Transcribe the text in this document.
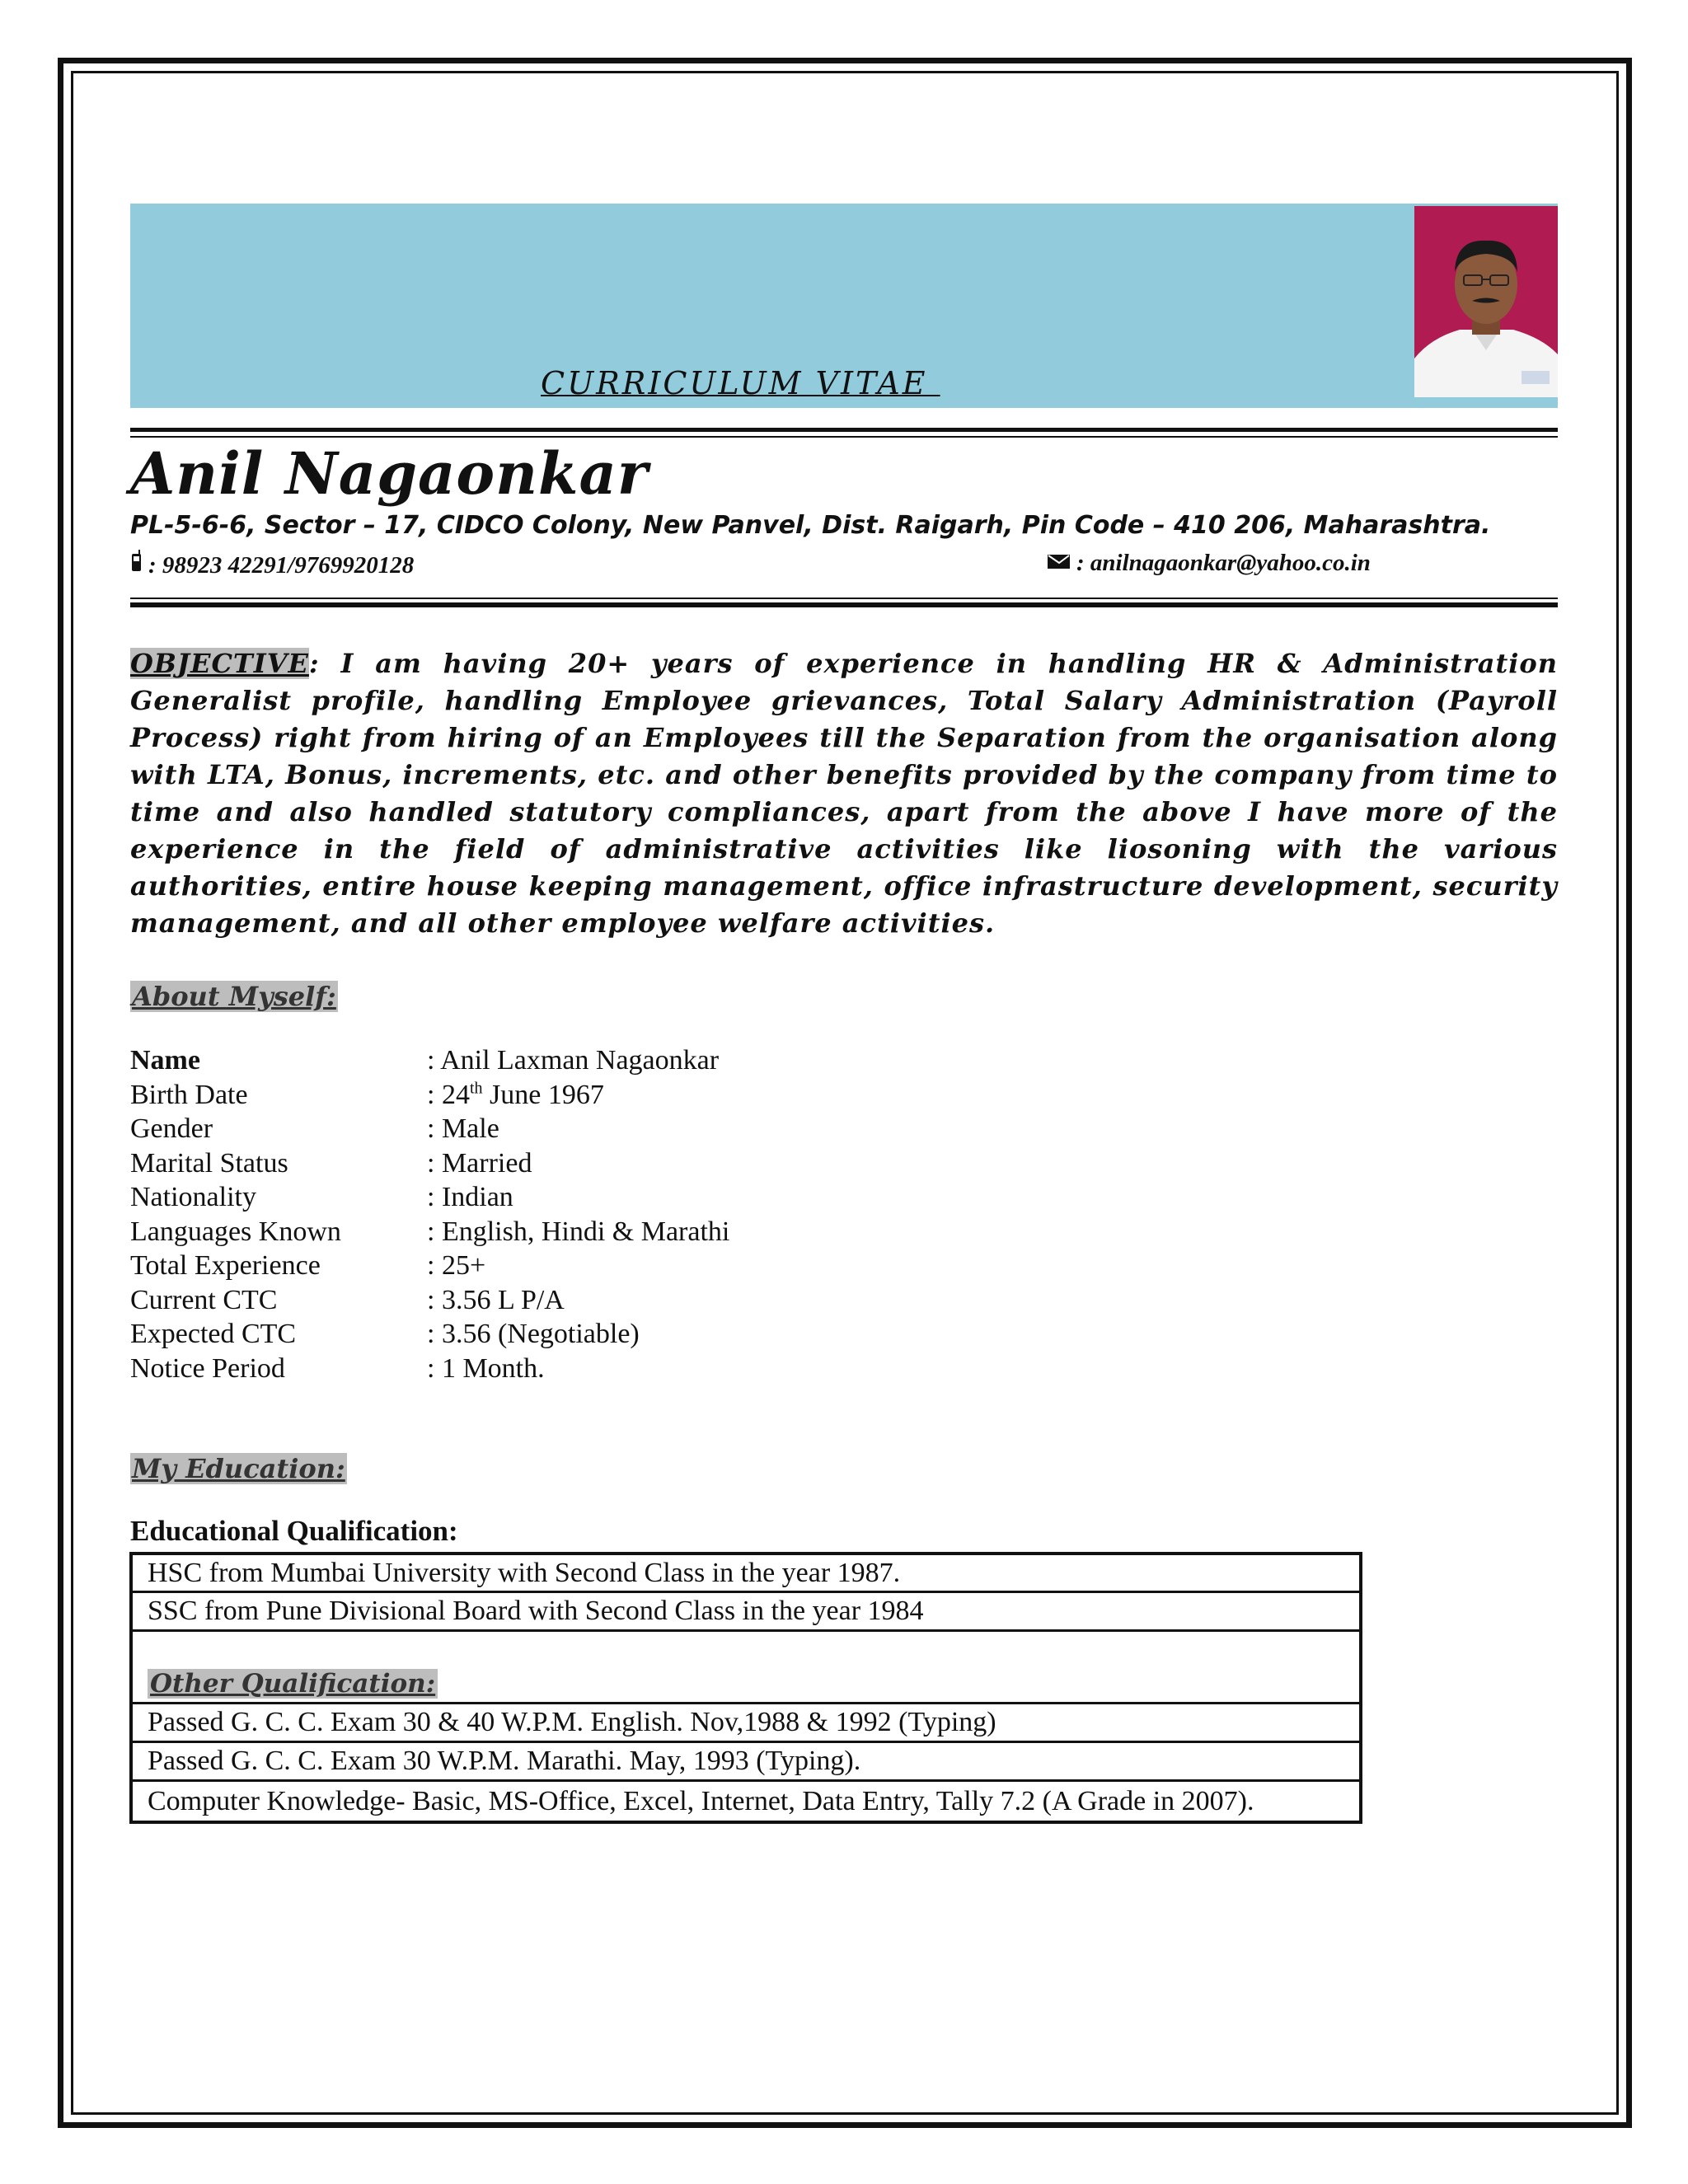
CURRICULUM VITAE
Anil Nagaonkar
PL-5-6-6, Sector – 17, CIDCO Colony, New Panvel, Dist. Raigarh, Pin Code – 410 206, Maharashtra.
: 98923 42291/9769920128	: anilnagaonkar@yahoo.co.in
OBJECTIVE: I am having 20+ years of experience in handling HR & Administration Generalist profile, handling Employee grievances, Total Salary Administration (Payroll Process) right from hiring of an Employees till the Separation from the organisation along with LTA, Bonus, increments, etc. and other benefits provided by the company from time to time and also handled statutory compliances, apart from the above I have more of the experience in the field of administrative activities like liosoning with the various authorities, entire house keeping management, office infrastructure development, security management, and all other employee welfare activities.
About Myself:
Name	: Anil Laxman Nagaonkar
Birth Date	: 24th June 1967
Gender	: Male
Marital Status	: Married
Nationality	: Indian
Languages Known	: English, Hindi & Marathi
Total Experience	: 25+
Current CTC	: 3.56 L P/A
Expected CTC	: 3.56 (Negotiable)
Notice Period	: 1 Month.
My Education:
Educational Qualification:
HSC from Mumbai University with Second Class in the year 1987.
SSC from Pune Divisional Board with Second Class in the year 1984
Other Qualification:
Passed G. C. C. Exam 30 & 40 W.P.M. English. Nov,1988 & 1992 (Typing)
Passed G. C. C. Exam 30 W.P.M. Marathi. May, 1993 (Typing).
Computer Knowledge- Basic, MS-Office, Excel, Internet, Data Entry, Tally 7.2 (A Grade in 2007).
